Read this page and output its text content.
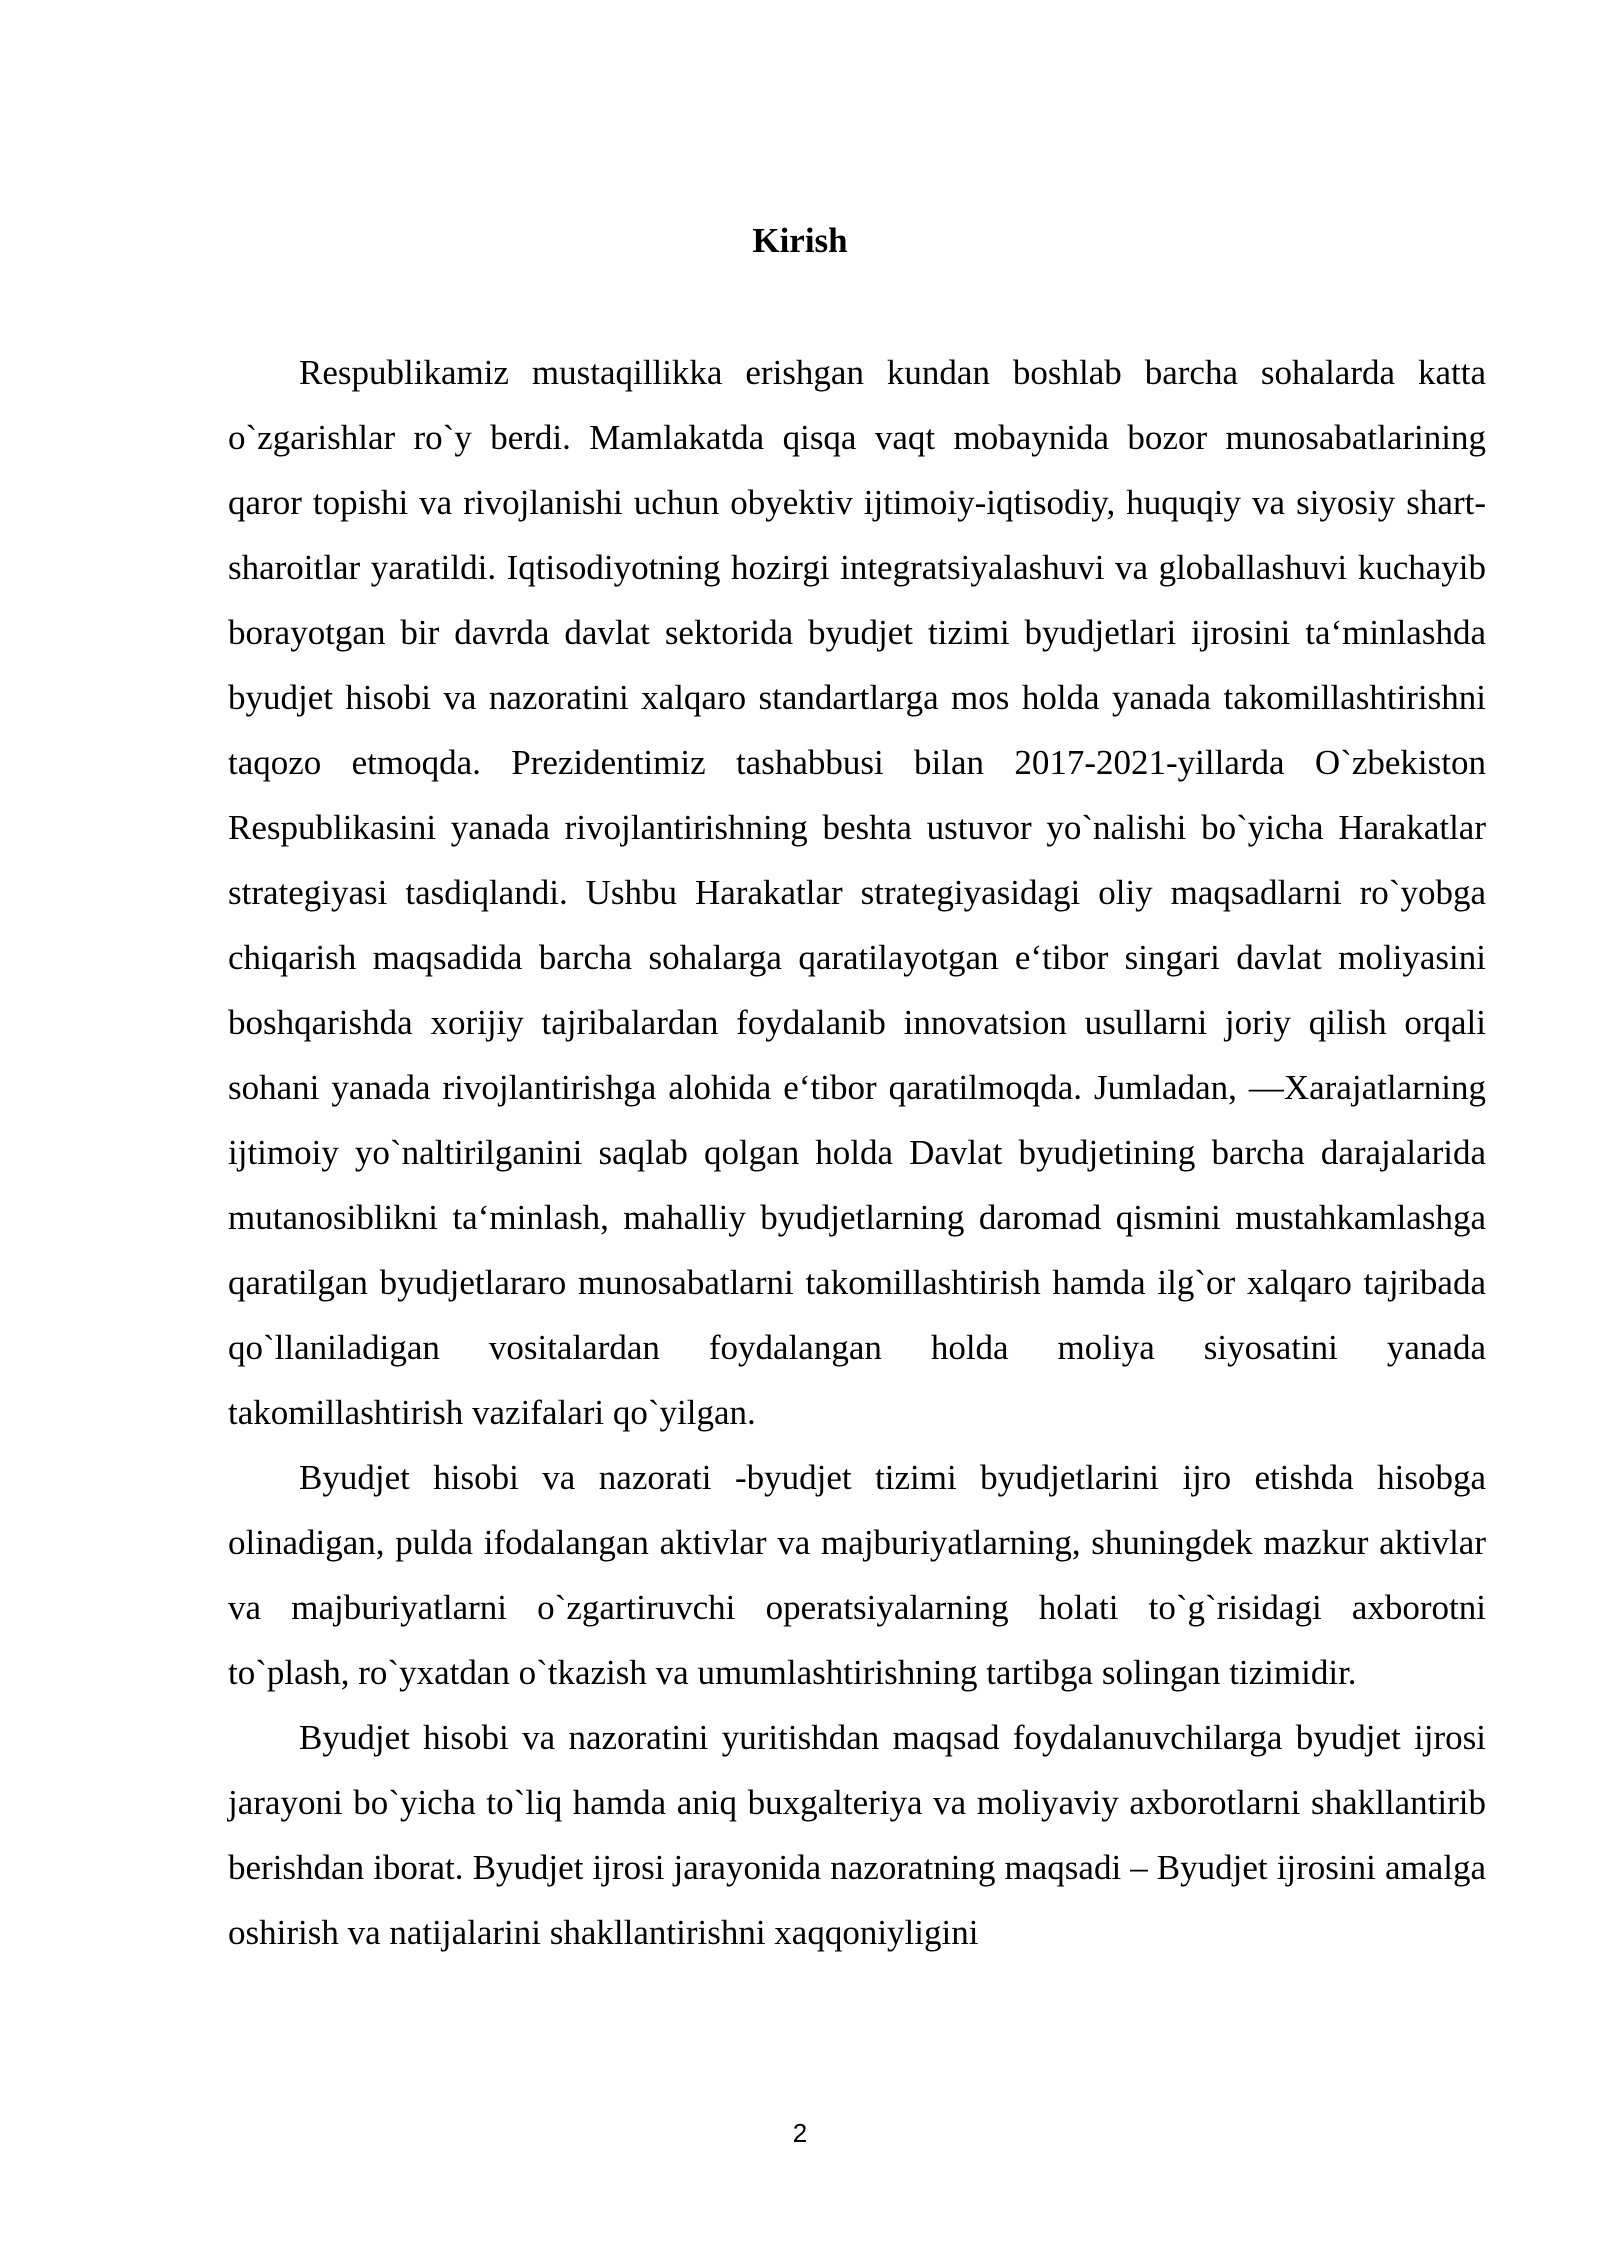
Kirish

Respublikamiz mustaqillikka erishgan kundan boshlab barcha sohalarda katta o`zgarishlar ro`y berdi. Mamlakatda qisqa vaqt mobaynida bozor munosabatlarining qaror topishi va rivojlanishi uchun obyektiv ijtimoiy-iqtisodiy, huquqiy va siyosiy shart-sharoitlar yaratildi. Iqtisodiyotning hozirgi integratsiyalashuvi va globallashuvi kuchayib borayotgan bir davrda davlat sektorida byudjet tizimi byudjetlari ijrosini ta‘minlashda byudjet hisobi va nazoratini xalqaro standartlarga mos holda yanada takomillashtirishni taqozo etmoqda. Prezidentimiz tashabbusi bilan 2017-2021-yillarda O`zbekiston Respublikasini yanada rivojlantirishning beshta ustuvor yo`nalishi bo`yicha Harakatlar strategiyasi tasdiqlandi. Ushbu Harakatlar strategiyasidagi oliy maqsadlarni ro`yobga chiqarish maqsadida barcha sohalarga qaratilayotgan e‘tibor singari davlat moliyasini boshqarishda xorijiy tajribalardan foydalanib innovatsion usullarni joriy qilish orqali sohani yanada rivojlantirishga alohida e‘tibor qaratilmoqda. Jumladan, ―Xarajatlarning ijtimoiy yo`naltirilganini saqlab qolgan holda Davlat byudjetining barcha darajalarida mutanosiblikni ta‘minlash, mahalliy byudjetlarning daromad qismini mustahkamlashga qaratilgan byudjetlararo munosabatlarni takomillashtirish hamda ilg`or xalqaro tajribada qo`llaniladigan vositalardan foydalangan holda moliya siyosatini yanada takomillashtirish vazifalari qo`yilgan.

Byudjet hisobi va nazorati -byudjet tizimi byudjetlarini ijro etishda hisobga olinadigan, pulda ifodalangan aktivlar va majburiyatlarning, shuningdek mazkur aktivlar va majburiyatlarni o`zgartiruvchi operatsiyalarning holati to`g`risidagi axborotni to`plash, ro`yxatdan o`tkazish va umumlashtirishning tartibga solingan tizimidir.

Byudjet hisobi va nazoratini yuritishdan maqsad foydalanuvchilarga byudjet ijrosi jarayoni bo`yicha to`liq hamda aniq buxgalteriya va moliyaviy axborotlarni shakllantirib berishdan iborat. Byudjet ijrosi jarayonida nazoratning maqsadi – Byudjet ijrosini amalga oshirish va natijalarini shakllantirishni xaqqoniyligini

2
